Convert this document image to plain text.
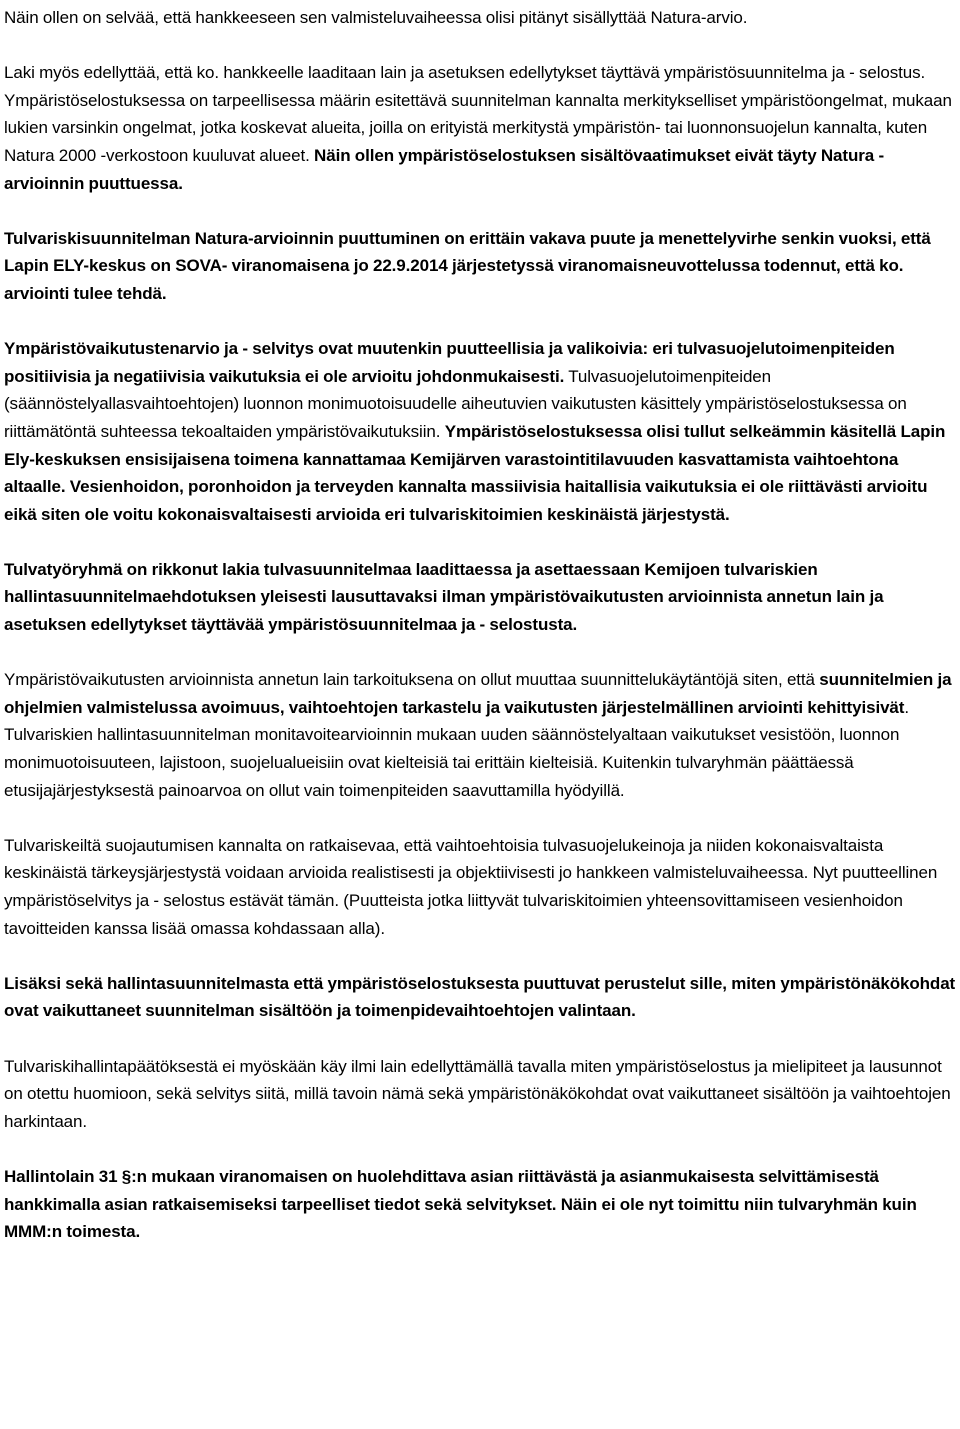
Näin ollen on selvää, että hankkeeseen sen valmisteluvaiheessa olisi pitänyt sisällyttää Natura-arvio.

Laki myös edellyttää, että ko. hankkeelle laaditaan lain ja asetuksen edellytykset täyttävä ympäristösuunnitelma ja - selostus. Ympäristöselostuksessa on tarpeellisessa määrin esitettävä suunnitelman kannalta merkitykselliset ympäristöongelmat, mukaan lukien varsinkin ongelmat, jotka koskevat alueita, joilla on erityistä merkitystä ympäristön- tai luonnonsuojelun kannalta, kuten Natura 2000 -verkostoon kuuluvat alueet. Näin ollen ympäristöselostuksen sisältövaatimukset eivät täyty Natura -arvioinnin puuttuessa.

Tulvariskisuunnitelman Natura-arvioinnin puuttuminen on erittäin vakava puute ja menettelyvirhe senkin vuoksi, että Lapin ELY-keskus on SOVA- viranomaisena jo 22.9.2014 järjestetyssä viranomaisneuvottelussa todennut, että ko. arviointi tulee tehdä.

Ympäristövaikutustenarvio ja - selvitys ovat muutenkin puutteellisia ja valikoivia: eri tulvasuojelutoimenpiteiden positiivisia ja negatiivisia vaikutuksia ei ole arvioitu johdonmukaisesti. Tulvasuojelutoimenpiteiden (säännöstelyallasvaihtoehtojen) luonnon monimuotoisuudelle aiheutuvien vaikutusten käsittely ympäristöselostuksessa on riittämätöntä suhteessa tekoaltaiden ympäristövaikutuksiin. Ympäristöselostuksessa olisi tullut selkeämmin käsitellä Lapin Ely-keskuksen ensisijaisena toimena kannattamaa Kemijärven varastointitilavuuden kasvattamista vaihtoehtona altaalle. Vesienhoidon, poronhoidon ja terveyden kannalta massiivisia haitallisia vaikutuksia ei ole riittävästi arvioitu eikä siten ole voitu kokonaisvaltaisesti arvioida eri tulvariskitoimien keskinäistä järjestystä.

Tulvatyöryhmä on rikkonut lakia tulvasuunnitelmaa laadittaessa ja asettaessaan Kemijoen tulvariskien hallintasuunnitelmaehdotuksen yleisesti lausuttavaksi ilman ympäristövaikutusten arvioinnista annetun lain ja asetuksen edellytykset täyttävää ympäristösuunnitelmaa ja - selostusta.

Ympäristövaikutusten arvioinnista annetun lain tarkoituksena on ollut muuttaa suunnittelukäytäntöjä siten, että suunnitelmien ja ohjelmien valmistelussa avoimuus, vaihtoehtojen tarkastelu ja vaikutusten järjestelmällinen arviointi kehittyisivät. Tulvariskien hallintasuunnitelman monitavoitearvioinnin mukaan uuden säännöstelyaltaan vaikutukset vesistöön, luonnon monimuotoisuuteen, lajistoon, suojelualueisiin ovat kielteisiä tai erittäin kielteisiä. Kuitenkin tulvaryhmän päättäessä etusijajärjestyksestä painoarvoa on ollut vain toimenpiteiden saavuttamilla hyödyillä.

Tulvariskeiltä suojautumisen kannalta on ratkaisevaa, että vaihtoehtoisia tulvasuojelukeinoja ja niiden kokonaisvaltaista keskinäistä tärkeysjärjestystä voidaan arvioida realistisesti ja objektiivisesti jo hankkeen valmisteluvaiheessa. Nyt puutteellinen ympäristöselvitys ja - selostus estävät tämän. (Puutteista jotka liittyvät tulvariskitoimien yhteensovittamiseen vesienhoidon tavoitteiden kanssa lisää omassa kohdassaan alla).

Lisäksi sekä hallintasuunnitelmasta että ympäristöselostuksesta puuttuvat perustelut sille, miten ympäristönäkökohdat ovat vaikuttaneet suunnitelman sisältöön ja toimenpidevaihtoehtojen valintaan.

Tulvariskihallintapäätöksestä ei myöskään käy ilmi lain edellyttämällä tavalla miten ympäristöselostus ja mielipiteet ja lausunnot on otettu huomioon, sekä selvitys siitä, millä tavoin nämä sekä ympäristönäkökohdat ovat vaikuttaneet sisältöön ja vaihtoehtojen harkintaan.

Hallintolain 31 §:n mukaan viranomaisen on huolehdittava asian riittävästä ja asianmukaisesta selvittämisestä hankkimalla asian ratkaisemiseksi tarpeelliset tiedot sekä selvitykset. Näin ei ole nyt toimittu niin tulvaryhmän kuin MMM:n toimesta.
